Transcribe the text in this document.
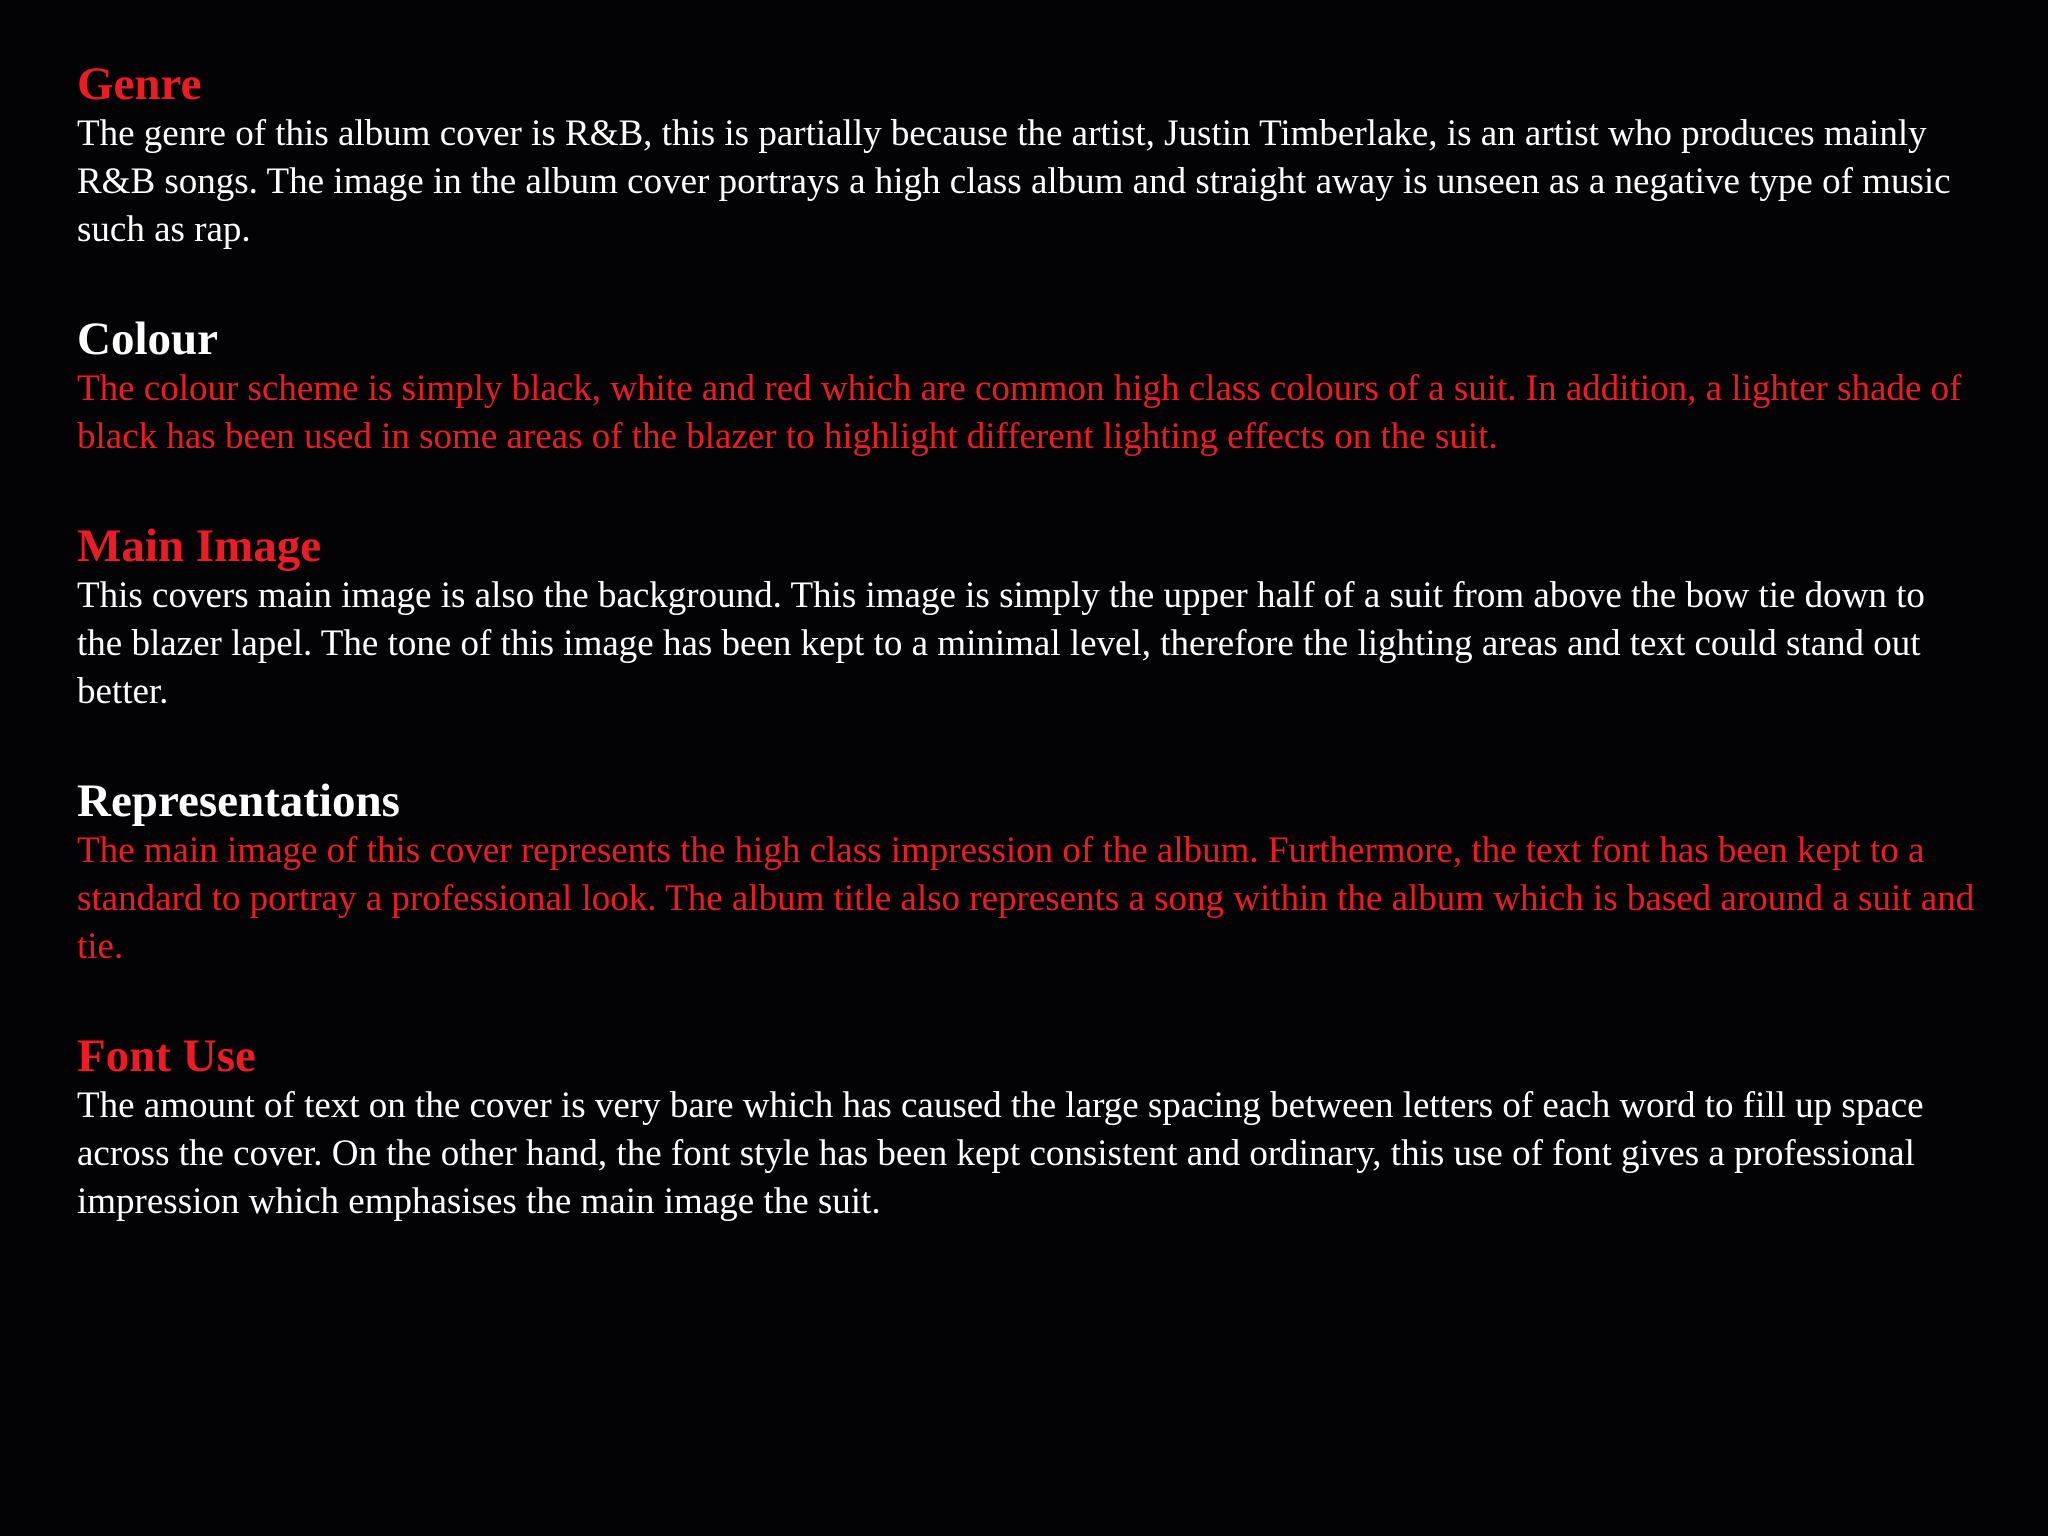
Genre

The genre of this album cover is R&B, this is partially because the artist, Justin Timberlake, is an artist who produces mainly R&B songs. The image in the album cover portrays a high class album and straight away is unseen as a negative type of music such as rap.

Colour

The colour scheme is simply black, white and red which are common high class colours of a suit. In addition, a lighter shade of black has been used in some areas of the blazer to highlight different lighting effects on the suit.

Main Image

This covers main image is also the background. This image is simply the upper half of a suit from above the bow tie down to the blazer lapel. The tone of this image has been kept to a minimal level, therefore the lighting areas and text could stand out better.

Representations

The main image of this cover represents the high class impression of the album. Furthermore, the text font has been kept to a standard to portray a professional look. The album title also represents a song within the album which is based around a suit and tie.

Font Use

The amount of text on the cover is very bare which has caused the large spacing between letters of each word to fill up space across the cover. On the other hand, the font style has been kept consistent and ordinary, this use of font gives a professional impression which emphasises the main image the suit.
